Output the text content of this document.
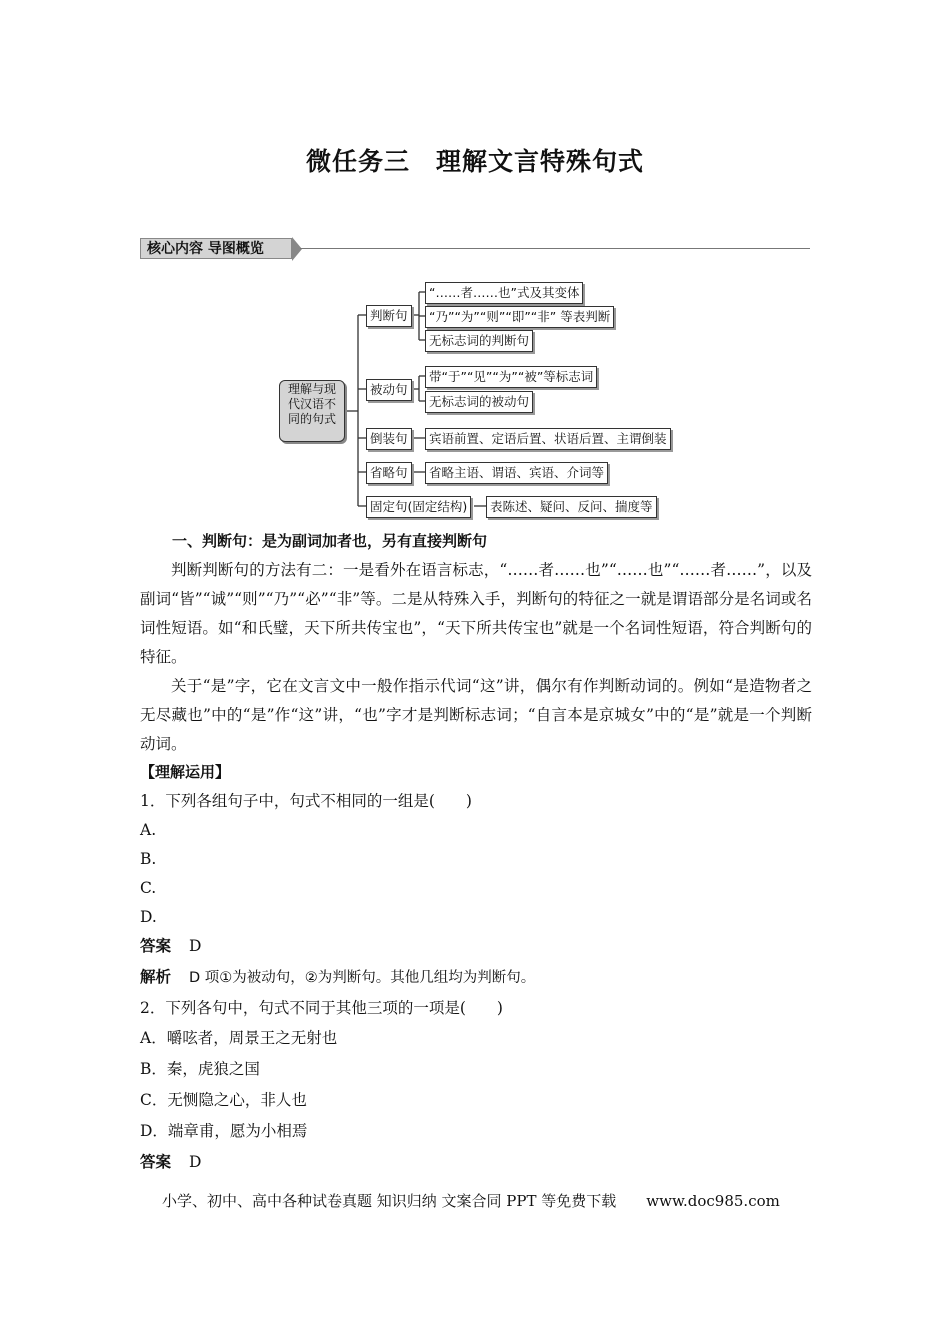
微任务三　理解文言特殊句式
核心内容 导图概览
理解与现
代汉语不
同的句式
判断句
被动句
倒装句
省略句
固定句(固定结构)
“……者……也”式及其变体
“乃”“为”“则”“即”“非” 等表判断
无标志词的判断句
带“于”“见”“为”“被”等标志词
无标志词的被动句
宾语前置、定语后置、状语后置、主谓倒装
省略主语、谓语、宾语、介词等
表陈述、疑问、反问、揣度等
一、判断句：是为副词加者也，另有直接判断句
判断判断句的方法有二：一是看外在语言标志，“……者……也”“……也”“……者……”，以及副词“皆”“诚”“则”“乃”“必”“非”等。二是从特殊入手，判断句的特征之一就是谓语部分是名词或名词性短语。如“和氏璧，天下所共传宝也”，“天下所共传宝也”就是一个名词性短语，符合判断句的特征。
关于“是”字，它在文言文中一般作指示代词“这”讲，偶尔有作判断动词的。例如“是造物者之无尽藏也”中的“是”作“这”讲，“也”字才是判断标志词；“自言本是京城女”中的“是”就是一个判断动词。
【理解运用】
1．下列各组句子中，句式不相同的一组是(　　)
A.
B.
C.
D.
答案 D
解析 D 项①为被动句，②为判断句。其他几组均为判断句。
2．下列各句中，句式不同于其他三项的一项是(　　)
A．嚼呟者，周景王之无射也
B．秦，虎狼之国
C．无恻隐之心，非人也
D．端章甫，愿为小相焉
答案 D
小学、初中、高中各种试卷真题 知识归纳 文案合同 PPT 等免费下载 www.doc985.com
